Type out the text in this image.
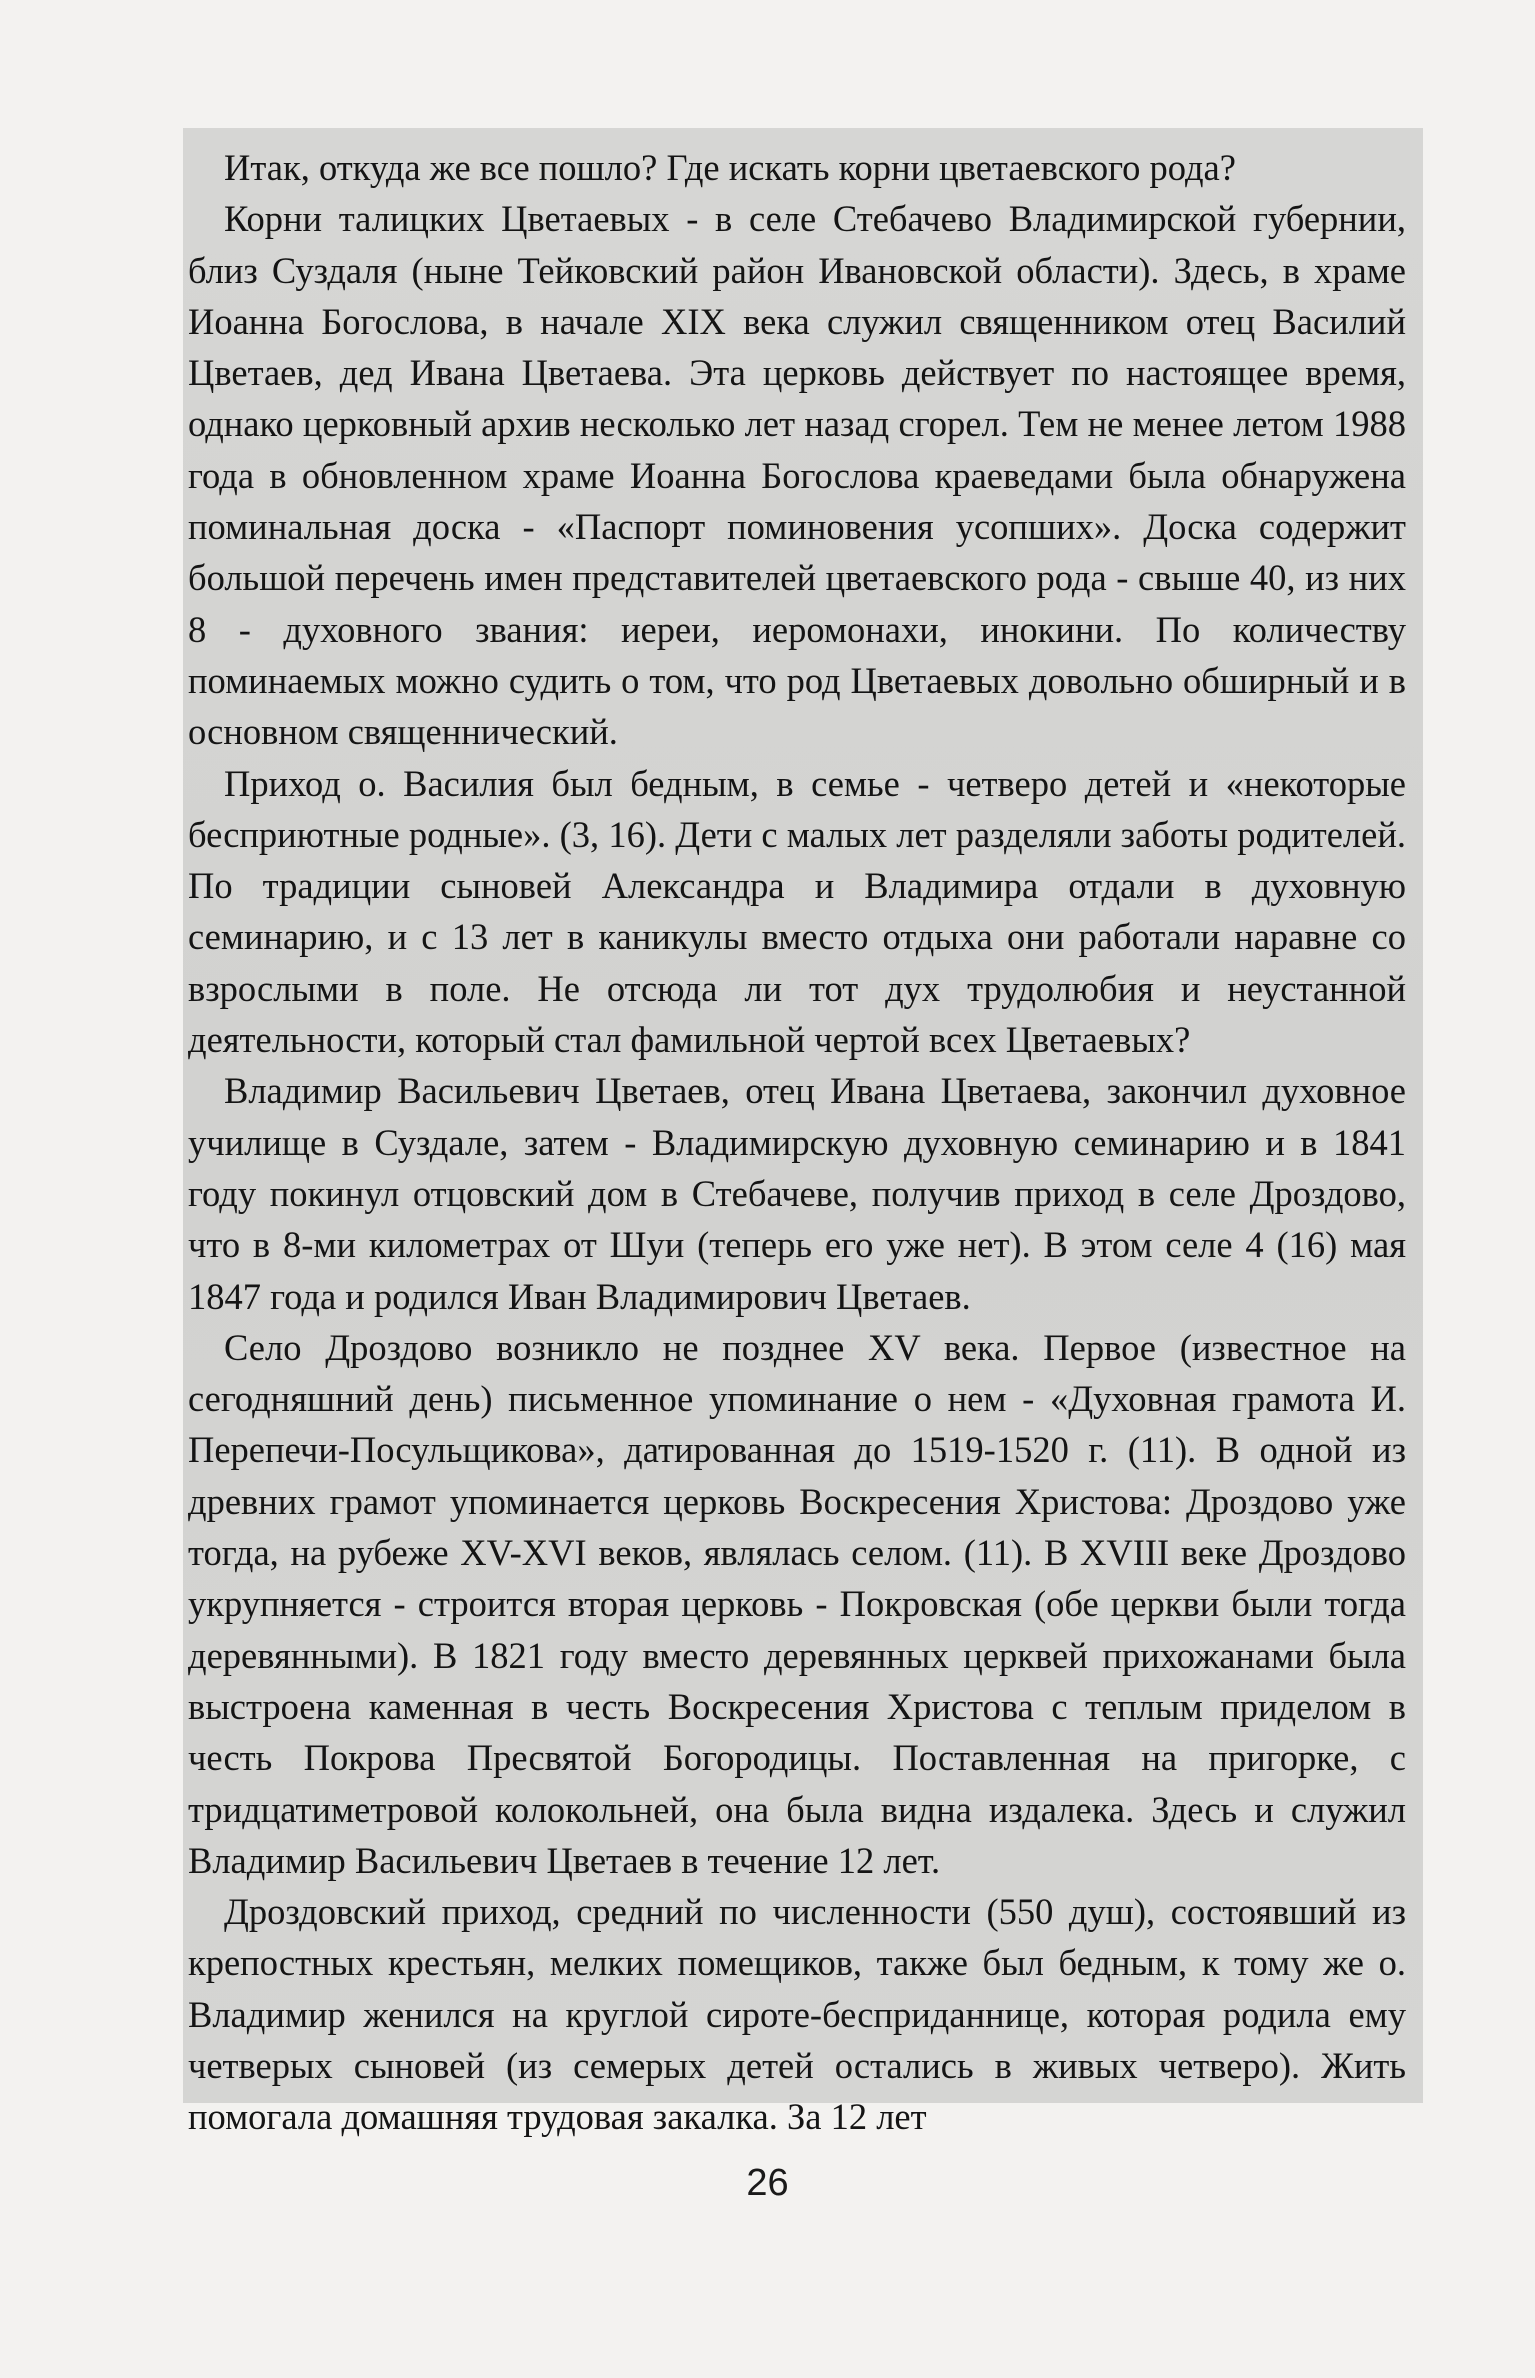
Итак, откуда же все пошло? Где искать корни цветаевского рода?

Корни талицких Цветаевых - в селе Стебачево Владимирской губернии, близ Суздаля (ныне Тейковский район Ивановской области). Здесь, в храме Иоанна Богослова, в начале XIX века служил священником отец Василий Цветаев, дед Ивана Цветаева. Эта церковь действует по настоящее время, однако церковный архив несколько лет назад сгорел. Тем не менее летом 1988 года в обновленном храме Иоанна Богослова краеведами была обнаружена поминальная доска - «Паспорт поминовения усопших». Доска содержит большой перечень имен представителей цветаевского рода - свыше 40, из них 8 - духовного звания: иереи, иеромонахи, инокини. По количеству поминаемых можно судить о том, что род Цветаевых довольно обширный и в основном священнический.

Приход о. Василия был бедным, в семье - четверо детей и «некоторые бесприютные родные». (3, 16). Дети с малых лет разделяли заботы родителей. По традиции сыновей Александра и Владимира отдали в духовную семинарию, и с 13 лет в каникулы вместо отдыха они работали наравне со взрослыми в поле. Не отсюда ли тот дух трудолюбия и неустанной деятельности, который стал фамильной чертой всех Цветаевых?

Владимир Васильевич Цветаев, отец Ивана Цветаева, закончил духовное училище в Суздале, затем - Владимирскую духовную семинарию и в 1841 году покинул отцовский дом в Стебачеве, получив приход в селе Дроздово, что в 8-ми километрах от Шуи (теперь его уже нет). В этом селе 4 (16) мая 1847 года и родился Иван Владимирович Цветаев.

Село Дроздово возникло не позднее XV века. Первое (известное на сегодняшний день) письменное упоминание о нем - «Духовная грамота И. Перепечи-Посульщикова», датированная до 1519-1520 г. (11). В одной из древних грамот упоминается церковь Воскресения Христова: Дроздово уже тогда, на рубеже XV-XVI веков, являлась селом. (11). В XVIII веке Дроздово укрупняется - строится вторая церковь - Покровская (обе церкви были тогда деревянными). В 1821 году вместо деревянных церквей прихожанами была выстроена каменная в честь Воскресения Христова с теплым приделом в честь Покрова Пресвятой Богородицы. Поставленная на пригорке, с тридцатиметровой колокольней, она была видна издалека. Здесь и служил Владимир Васильевич Цветаев в течение 12 лет.

Дроздовский приход, средний по численности (550 душ), состоявший из крепостных крестьян, мелких помещиков, также был бедным, к тому же о. Владимир женился на круглой сироте-бесприданнице, которая родила ему четверых сыновей (из семерых детей остались в живых четверо). Жить помогала домашняя трудовая закалка. За 12 лет

26
